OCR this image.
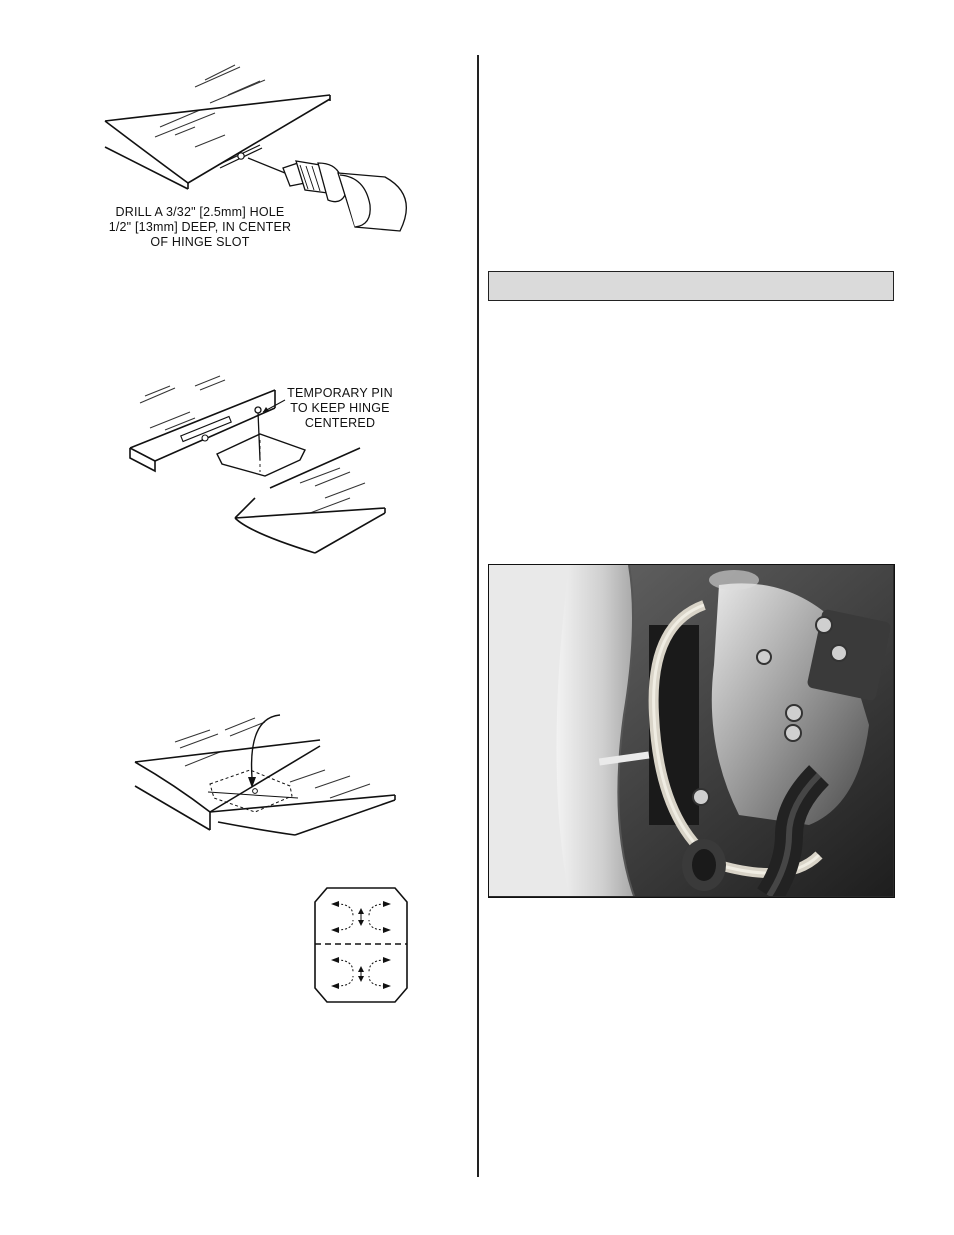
DRILL A 3/32" [2.5mm] HOLE
1/2" [13mm] DEEP, IN CENTER
OF HINGE SLOT
TEMPORARY PIN
TO KEEP HINGE
CENTERED
